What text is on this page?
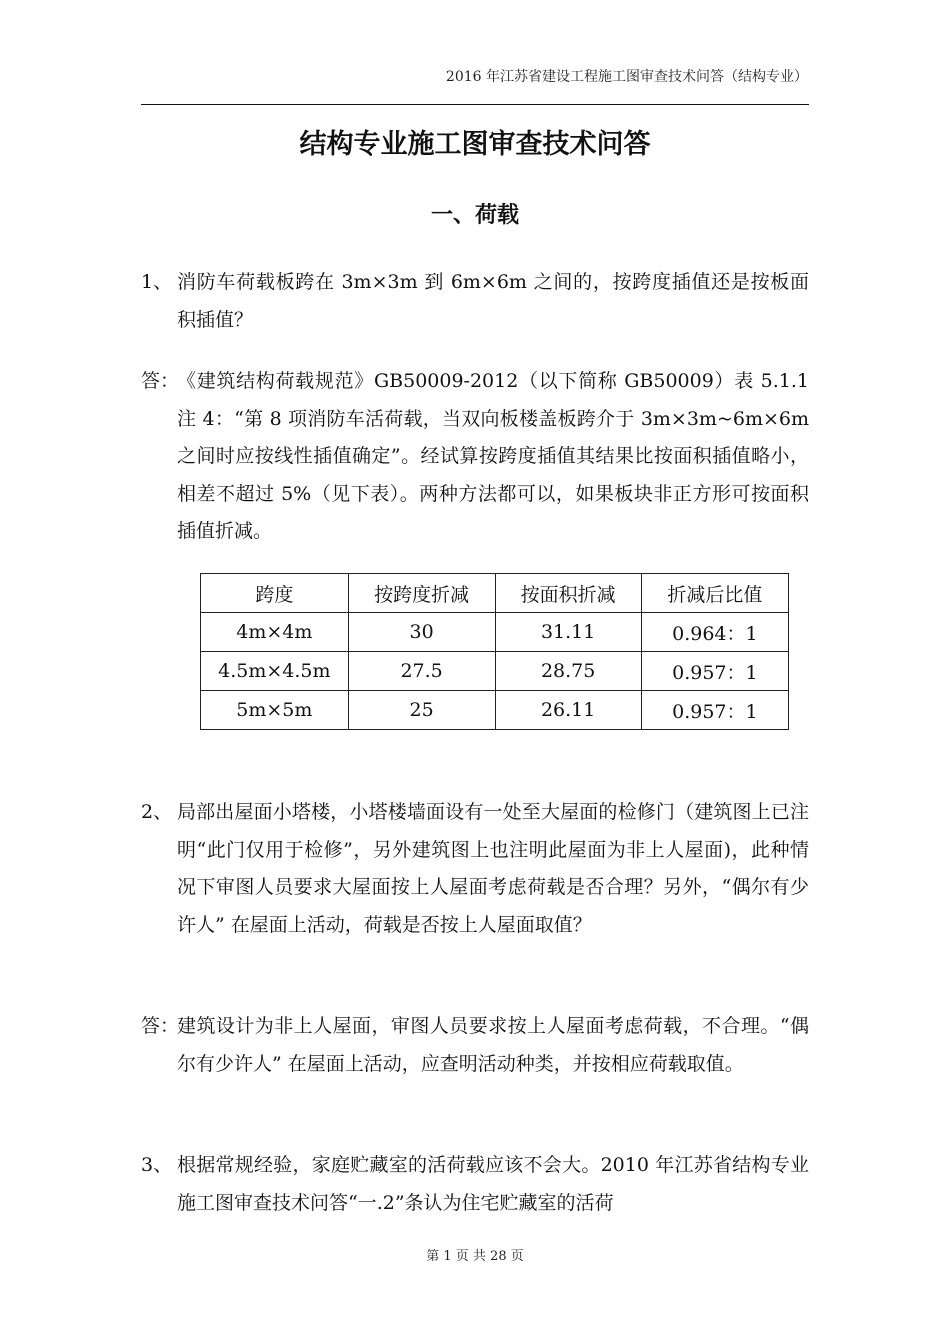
2016 年江苏省建设工程施工图审查技术问答（结构专业）
结构专业施工图审查技术问答
一、荷载
1、 消防车荷载板跨在 3m×3m 到 6m×6m 之间的，按跨度插值还是按板面积插值？
答：
《建筑结构荷载规范》GB50009-2012（以下简称 GB50009）表 5.1.1 注 4：“第 8 项消防车活荷载，当双向板楼盖板跨介于 3m×3m~6m×6m 之间时应按线性插值确定”。经试算按跨度插值其结果比按面积插值略小，相差不超过 5%（见下表）。两种方法都可以，如果板块非正方形可按面积插值折减。
跨度	按跨度折减	按面积折减	折减后比值
4m×4m	30	31.11	0.964：1
4.5m×4.5m	27.5	28.75	0.957：1
5m×5m	25	26.11	0.957：1
2、 局部出屋面小塔楼，小塔楼墙面设有一处至大屋面的检修门（建筑图上已注明“此门仅用于检修”，另外建筑图上也注明此屋面为非上人屋面)，此种情况下审图人员要求大屋面按上人屋面考虑荷载是否合理？另外，“偶尔有少许人” 在屋面上活动，荷载是否按上人屋面取值？
答：
建筑设计为非上人屋面，审图人员要求按上人屋面考虑荷载，不合理。“偶尔有少许人” 在屋面上活动，应查明活动种类，并按相应荷载取值。
3、 根据常规经验，家庭贮藏室的活荷载应该不会大。2010 年江苏省结构专业施工图审查技术问答“一.2”条认为住宅贮藏室的活荷
第 1 页 共 28 页
